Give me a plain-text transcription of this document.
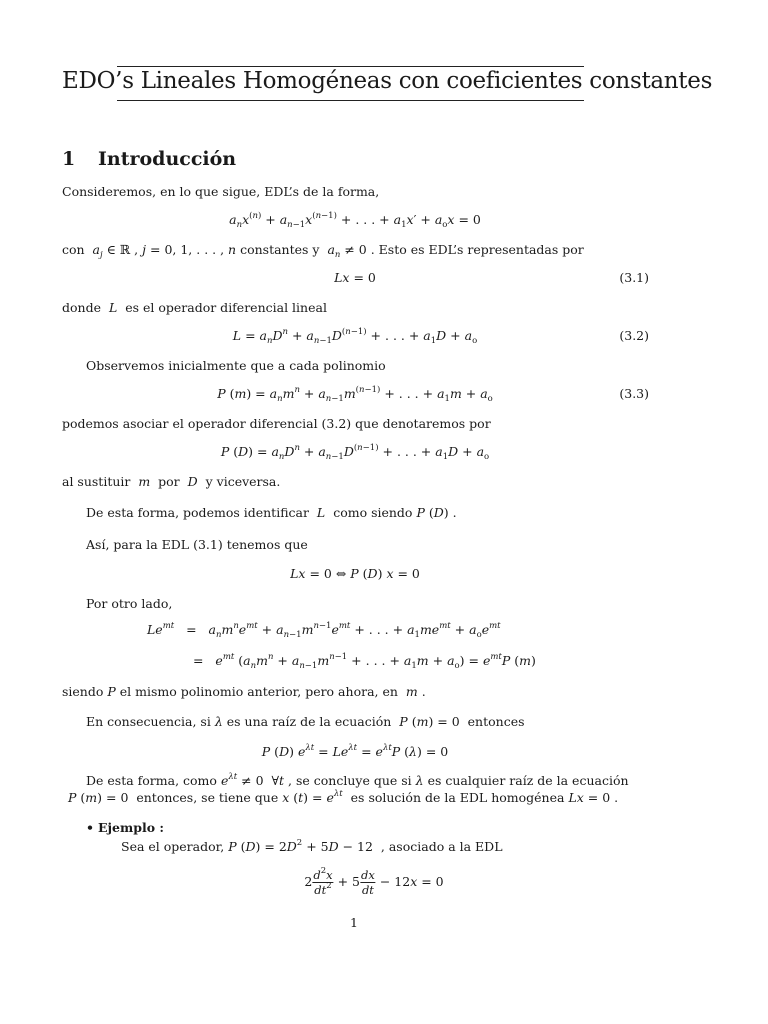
EDO’s Lineales Homogéneas con coeficientes constantes
1 Introducción
Consideremos, en lo que sigue, EDL’s de la forma,
$a_nx^{(n)} + a_{n-1}x^{(n-1)}$ + . . . + $a_1x' + a_ox = 0$
con $a_j$ ∈ ℝ , j = 0, 1, . . . , n constantes y $a_n \ne 0$ . Esto es EDL’s representadas por
Lx = 0	(3.1)
donde L es el operador diferencial lineal
$L = a_nD^n + a_{n-1}D^{(n-1)}$ + . . . + $a_1D + a_o$	(3.2)
Observemos inicialmente que a cada polinomio
P $(m) = a_nm^n + a_{n-1}m^{(n-1)}$ + . . . + $a_1m + a_o$	(3.3)
podemos asociar el operador diferencial (3.2) que denotaremos por
P $(D) = a_nD^n + a_{n-1}D^{(n-1)}$ + . . . + $a_1D + a_o$
al sustituir m por D y viceversa.
De esta forma, podemos identificar L como siendo P (D) .
Así, para la EDL (3.1) tenemos que
Lx = 0 ⇔ P (D) x = 0
Por otro lado,
$Le^{mt} = a_nm^ne^{mt} + a_{n-1}m^{n-1}e^{mt}$ + . . . + $a_1me^{mt} + a_oe^{mt}$
=   $e^{mt}$ ($a_nm^n + a_{n-1}m^{n-1}$ + . . . + $a_1m + a_o) = e^{mt}P$ (m)
siendo P el mismo polinomio anterior, pero ahora, en m .
En consecuencia, si λ es una raíz de la ecuación P (m) = 0  entonces
P (D) $e^{\lambda t} = Le^{\lambda t} = e^{\lambda t}P$ (λ) = 0
De esta forma, como $e^{\lambda t} \ne 0$  ∀t , se concluye que si λ es cualquier raíz de la ecuación
P (m) = 0  entonces, se tiene que x $(t) = e^{\lambda t}$ es solución de la EDL homogénea Lx = 0 .
• Ejemplo :
Sea el operador, P $(D) = 2D^2 + 5D - 12$  , asociado a la EDL
$2 \frac{d^2x}{dt^2} + 5 \frac{dx}{dt} - 12x = 0$
1
